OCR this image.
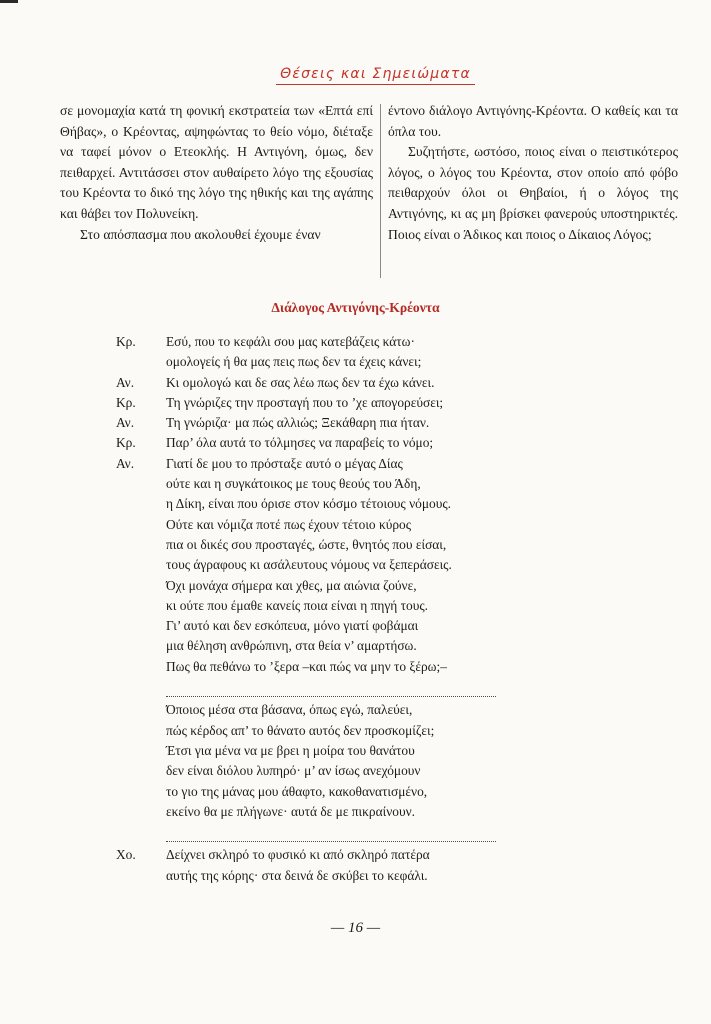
Θέσεις και Σημειώματα

σε μονομαχία κατά τη φονική εκστρατεία των «Επτά επί Θήβας», ο Κρέοντας, αψηφώντας το θείο νόμο, διέταξε να ταφεί μόνον ο Ετεοκλής. Η Αντιγόνη, όμως, δεν πειθαρχεί. Αντιτάσσει στον αυθαίρετο λόγο της εξουσίας του Κρέοντα το δικό της λόγο της ηθικής και της αγάπης και θάβει τον Πολυνείκη.

Στο απόσπασμα που ακολουθεί έχουμε έναν

έντονο διάλογο Αντιγόνης-Κρέοντα. Ο καθείς και τα όπλα του.

Συζητήστε, ωστόσο, ποιος είναι ο πειστικότερος λόγος, ο λόγος του Κρέοντα, στον οποίο από φόβο πειθαρχούν όλοι οι Θηβαίοι, ή ο λόγος της Αντιγόνης, κι ας μη βρίσκει φανερούς υποστηρικτές. Ποιος είναι ο Άδικος και ποιος ο Δίκαιος Λόγος;

Διάλογος Αντιγόνης-Κρέοντα
Κρ.	Εσύ, που το κεφάλι σου μας κατεβάζεις κάτω·
ομολογείς ή θα μας πεις πως δεν τα έχεις κάνει;
Αν.	Κι ομολογώ και δε σας λέω πως δεν τα έχω κάνει.
Κρ.	Τη γνώριζες την προσταγή που το ’χε απογορεύσει;
Αν.	Τη γνώριζα· μα πώς αλλιώς; Ξεκάθαρη πια ήταν.
Κρ.	Παρ’ όλα αυτά το τόλμησες να παραβείς το νόμο;
Αν.	Γιατί δε μου το πρόσταξε αυτό ο μέγας Δίας
ούτε και η συγκάτοικος με τους θεούς του Άδη,
η Δίκη, είναι που όρισε στον κόσμο τέτοιους νόμους.
Ούτε και νόμιζα ποτέ πως έχουν τέτοιο κύρος
πια οι δικές σου προσταγές, ώστε, θνητός που είσαι,
τους άγραφους κι ασάλευτους νόμους να ξεπεράσεις.
Όχι μονάχα σήμερα και χθες, μα αιώνια ζούνε,
κι ούτε που έμαθε κανείς ποια είναι η πηγή τους.
Γι’ αυτό και δεν εσκόπευα, μόνο γιατί φοβάμαι
μια θέληση ανθρώπινη, στα θεία ν’ αμαρτήσω.
Πως θα πεθάνω το ’ξερα –και πώς να μην το ξέρω;–
Όποιος μέσα στα βάσανα, όπως εγώ, παλεύει,
πώς κέρδος απ’ το θάνατο αυτός δεν προσκομίζει;
Έτσι για μένα να με βρει η μοίρα του θανάτου
δεν είναι διόλου λυπηρό· μ’ αν ίσως ανεχόμουν
το γιο της μάνας μου άθαφτο, κακοθανατισμένο,
εκείνο θα με πλήγωνε· αυτά δε με πικραίνουν.
Χο.	Δείχνει σκληρό το φυσικό κι από σκληρό πατέρα
αυτής της κόρης· στα δεινά δε σκύβει το κεφάλι.
— 16 —
